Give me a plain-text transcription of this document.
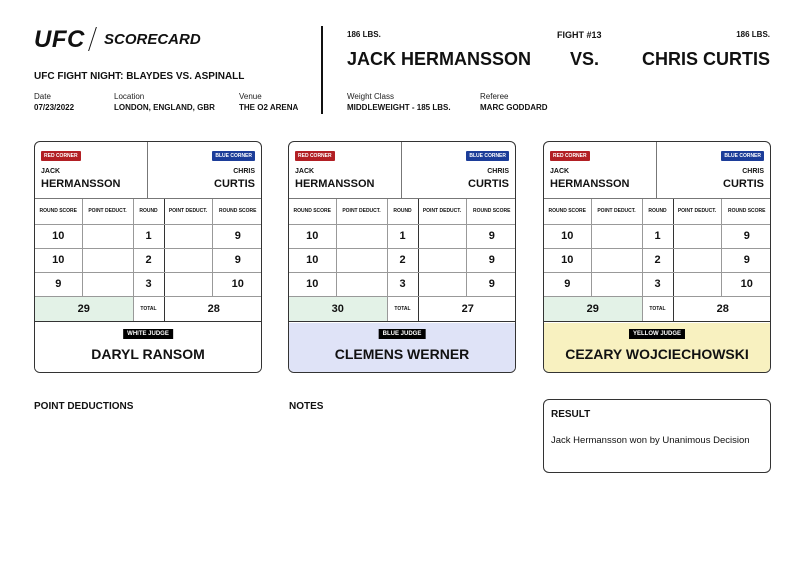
UFC SCORECARD
UFC FIGHT NIGHT: BLAYDES VS. ASPINALL
Date
07/23/2022
Location
LONDON, ENGLAND, GBR
Venue
THE O2 ARENA
186 LBS.
JACK HERMANSSON
FIGHT #13
VS.
186 LBS.
CHRIS CURTIS
Weight Class
MIDDLEWEIGHT - 185 LBS.
Referee
MARC GODDARD
RED CORNER
JACK
HERMANSSON
BLUE CORNER
CHRIS
CURTIS
ROUND SCORE	POINT DEDUCT.	ROUND	POINT DEDUCT.	ROUND SCORE
10		1		9
10		2		9
9		3		10
29		TOTAL	28	
WHITE JUDGE
DARYL RANSOM
RED CORNER
JACK
HERMANSSON
BLUE CORNER
CHRIS
CURTIS
ROUND SCORE	POINT DEDUCT.	ROUND	POINT DEDUCT.	ROUND SCORE
10		1		9
10		2		9
10		3		9
30		TOTAL	27	
BLUE JUDGE
CLEMENS WERNER
RED CORNER
JACK
HERMANSSON
BLUE CORNER
CHRIS
CURTIS
ROUND SCORE	POINT DEDUCT.	ROUND	POINT DEDUCT.	ROUND SCORE
10		1		9
10		2		9
9		3		10
29		TOTAL	28	
YELLOW JUDGE
CEZARY WOJCIECHOWSKI
POINT DEDUCTIONS	NOTES
RESULT
Jack Hermansson won by Unanimous Decision
